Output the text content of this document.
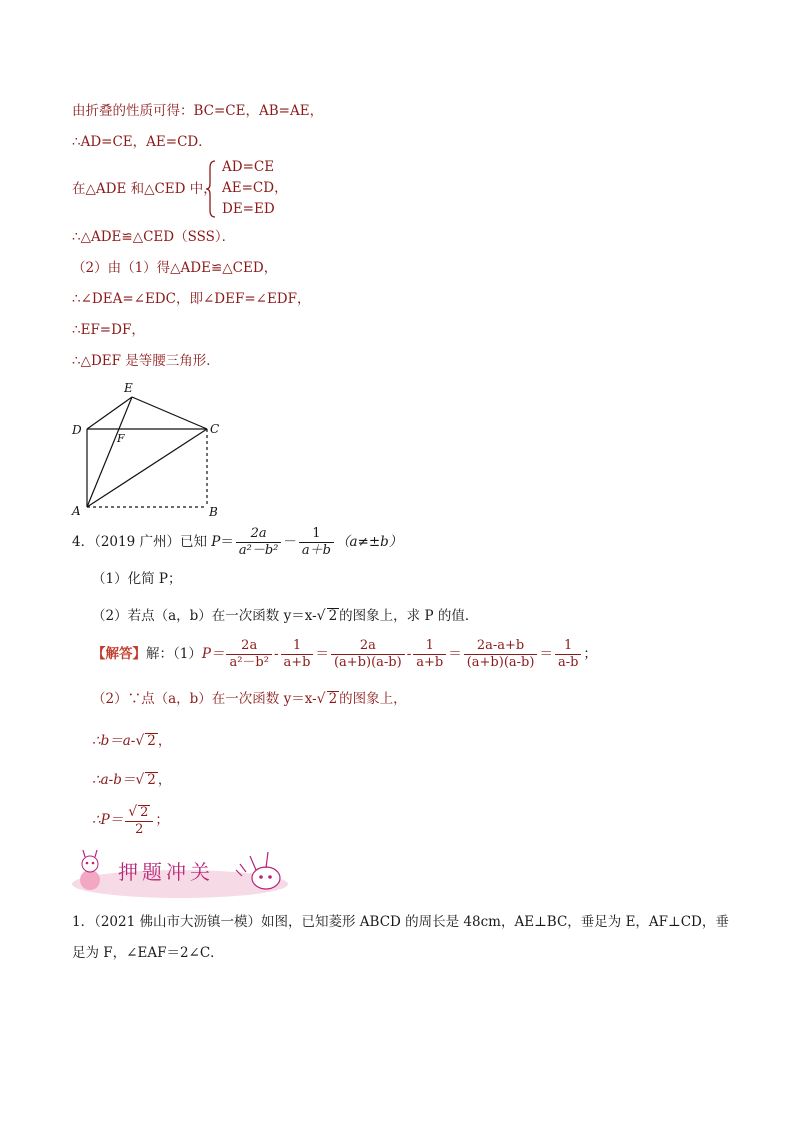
由折叠的性质可得：BC=CE，AB=AE，
∴AD=CE，AE=CD．
在△ADE 和△CED 中，
AD=CE
AE=CD，
DE=ED
∴△ADE≌△CED（SSS）．
（2）由（1）得△ADE≌△CED，
∴∠DEA=∠EDC，即∠DEF=∠EDF，
∴EF=DF，
∴△DEF 是等腰三角形．
E
D	C
F
A	B
4．（2019 广州）已知 $P= \frac{2a}{\text{a²－b²}} - \frac{1}{a+b} (a\ne\pm b)$
（1）化简 P；
（2）若点（a，b）在一次函数 y＝x-√ 2 的图象上，求 P 的值．
【解答】解：$(1)P= \frac{2a}{\text{a²－b²}} - \frac{1}{a+b} = \frac{2a}{(a+b)(a-b)} - \frac{1}{a+b} = \frac{2a-a+b}{(a+b)(a-b)} = \frac{1}{a-b}$ ；
（2）∵点（a，b）在一次函数 y＝x-√ 2 的图象上，
∴b＝a-√ 2 ，
∴a-b＝√ 2 ，
∴P＝ $\frac{√ 2}{2}$ ；
押题冲关
1．（2021 佛山市大沥镇一模）如图，已知菱形 ABCD 的周长是 48cm，AE⊥BC，垂足为 E，AF⊥CD，垂
足为 F，∠EAF＝2∠C．
